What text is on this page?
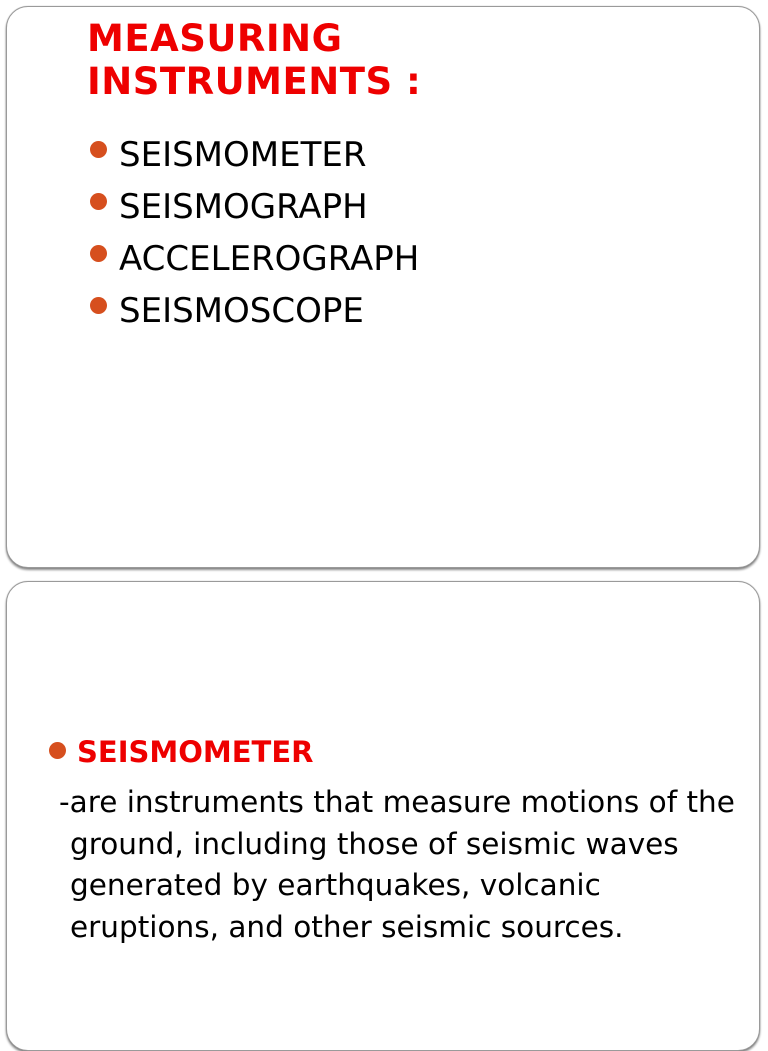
MEASURING
INSTRUMENTS :
SEISMOMETER
SEISMOGRAPH
ACCELEROGRAPH
SEISMOSCOPE
SEISMOMETER

-are instruments that measure motions of the ground, including those of seismic waves generated by earthquakes, volcanic eruptions, and other seismic sources.
